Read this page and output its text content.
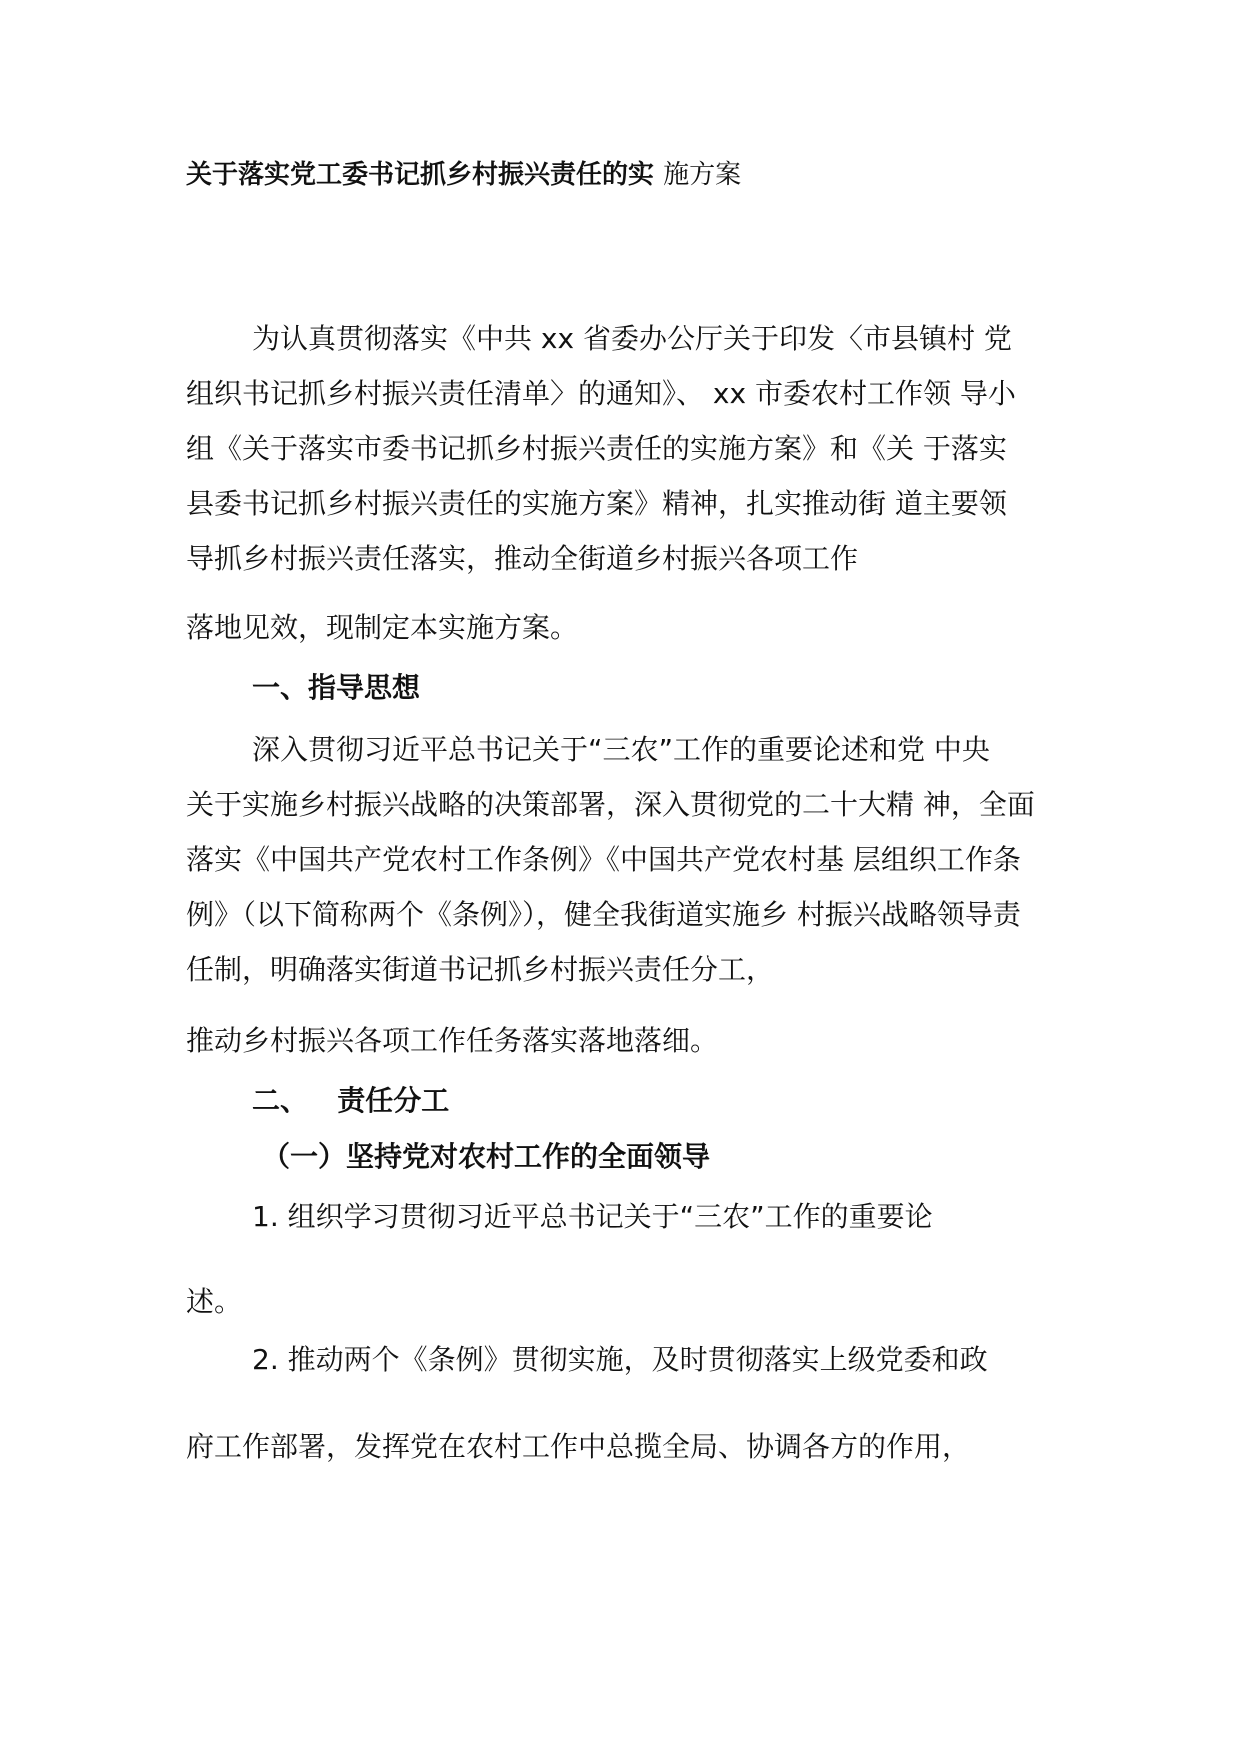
关于落实党工委书记抓乡村振兴责任的实 施方案
为认真贯彻落实《中共 xx 省委办公厅关于印发〈市县镇村 党
组织书记抓乡村振兴责任清单〉的通知》、 xx 市委农村工作领 导小
组《关于落实市委书记抓乡村振兴责任的实施方案》和《关 于落实
县委书记抓乡村振兴责任的实施方案》精神，扎实推动街 道主要领
导抓乡村振兴责任落实，推动全街道乡村振兴各项工作
落地见效，现制定本实施方案。
一、指导思想
深入贯彻习近平总书记关于“三农”工作的重要论述和党 中央
关于实施乡村振兴战略的决策部署，深入贯彻党的二十大精 神，全面
落实《中国共产党农村工作条例》《中国共产党农村基 层组织工作条
例》（以下简称两个《条例》），健全我街道实施乡 村振兴战略领导责
任制，明确落实街道书记抓乡村振兴责任分工，
推动乡村振兴各项工作任务落实落地落细。
二、   责任分工
（一）坚持党对农村工作的全面领导
1. 组织学习贯彻习近平总书记关于“三农”工作的重要论
述。
2. 推动两个《条例》贯彻实施，及时贯彻落实上级党委和政
府工作部署，发挥党在农村工作中总揽全局、协调各方的作用，
